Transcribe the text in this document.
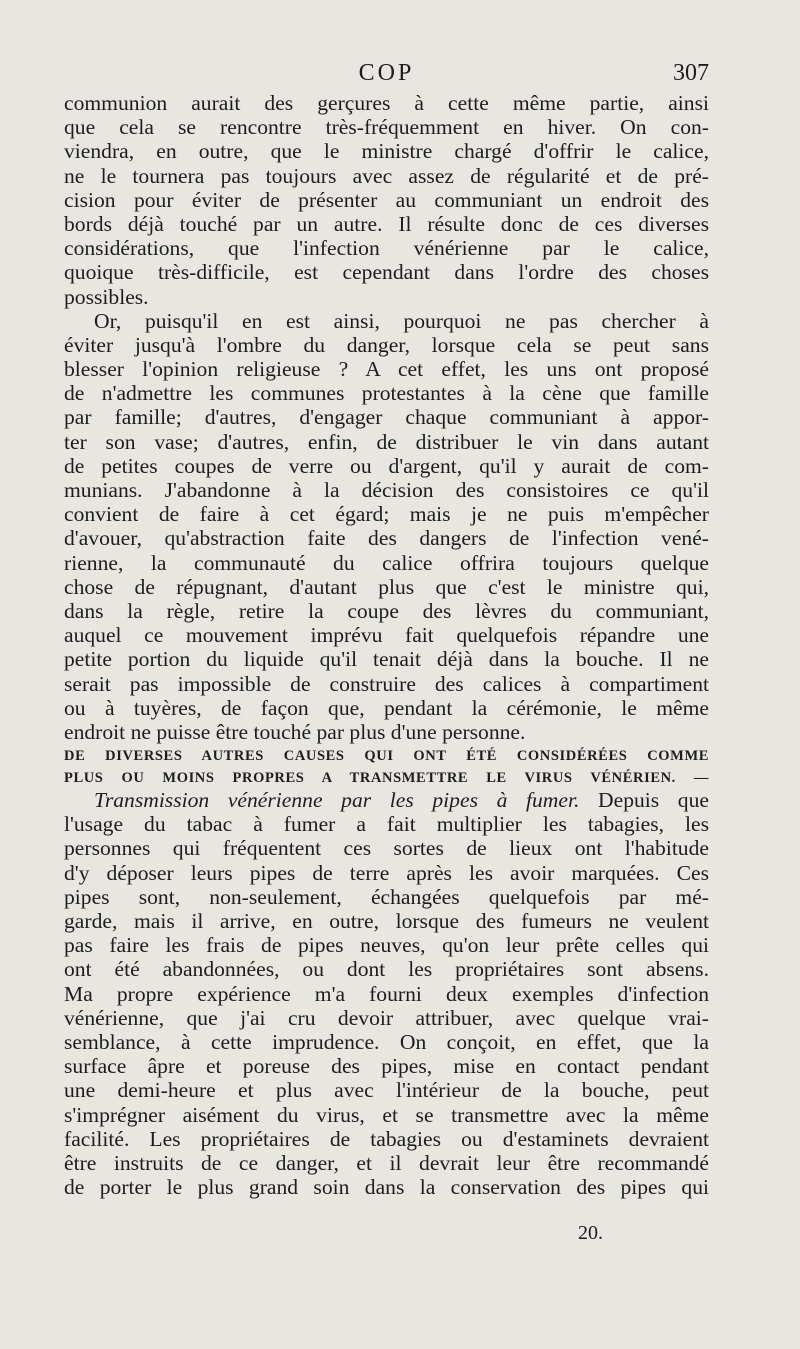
COP	307
communion aurait des gerçures à cette même partie, ainsi
que cela se rencontre très-fréquemment en hiver. On con-
viendra, en outre, que le ministre chargé d'offrir le calice,
ne le tournera pas toujours avec assez de régularité et de pré-
cision pour éviter de présenter au communiant un endroit des
bords déjà touché par un autre. Il résulte donc de ces diverses
considérations, que l'infection vénérienne par le calice,
quoique très-difficile, est cependant dans l'ordre des choses
possibles.
Or, puisqu'il en est ainsi, pourquoi ne pas chercher à
éviter jusqu'à l'ombre du danger, lorsque cela se peut sans
blesser l'opinion religieuse ? A cet effet, les uns ont proposé
de n'admettre les communes protestantes à la cène que famille
par famille; d'autres, d'engager chaque communiant à appor-
ter son vase; d'autres, enfin, de distribuer le vin dans autant
de petites coupes de verre ou d'argent, qu'il y aurait de com-
munians. J'abandonne à la décision des consistoires ce qu'il
convient de faire à cet égard; mais je ne puis m'empêcher
d'avouer, qu'abstraction faite des dangers de l'infection vené-
rienne, la communauté du calice offrira toujours quelque
chose de répugnant, d'autant plus que c'est le ministre qui,
dans la règle, retire la coupe des lèvres du communiant,
auquel ce mouvement imprévu fait quelquefois répandre une
petite portion du liquide qu'il tenait déjà dans la bouche. Il ne
serait pas impossible de construire des calices à compartiment
ou à tuyères, de façon que, pendant la cérémonie, le même
endroit ne puisse être touché par plus d'une personne.
DE DIVERSES AUTRES CAUSES QUI ONT ÉTÉ CONSIDÉRÉES COMME
PLUS OU MOINS PROPRES A TRANSMETTRE LE VIRUS VÉNÉRIEN. —
Transmission vénérienne par les pipes à fumer. Depuis que
l'usage du tabac à fumer a fait multiplier les tabagies, les
personnes qui fréquentent ces sortes de lieux ont l'habitude
d'y déposer leurs pipes de terre après les avoir marquées. Ces
pipes sont, non-seulement, échangées quelquefois par mé-
garde, mais il arrive, en outre, lorsque des fumeurs ne veulent
pas faire les frais de pipes neuves, qu'on leur prête celles qui
ont été abandonnées, ou dont les propriétaires sont absens.
Ma propre expérience m'a fourni deux exemples d'infection
vénérienne, que j'ai cru devoir attribuer, avec quelque vrai-
semblance, à cette imprudence. On conçoit, en effet, que la
surface âpre et poreuse des pipes, mise en contact pendant
une demi-heure et plus avec l'intérieur de la bouche, peut
s'imprégner aisément du virus, et se transmettre avec la même
facilité. Les propriétaires de tabagies ou d'estaminets devraient
être instruits de ce danger, et il devrait leur être recommandé
de porter le plus grand soin dans la conservation des pipes qui
20.
